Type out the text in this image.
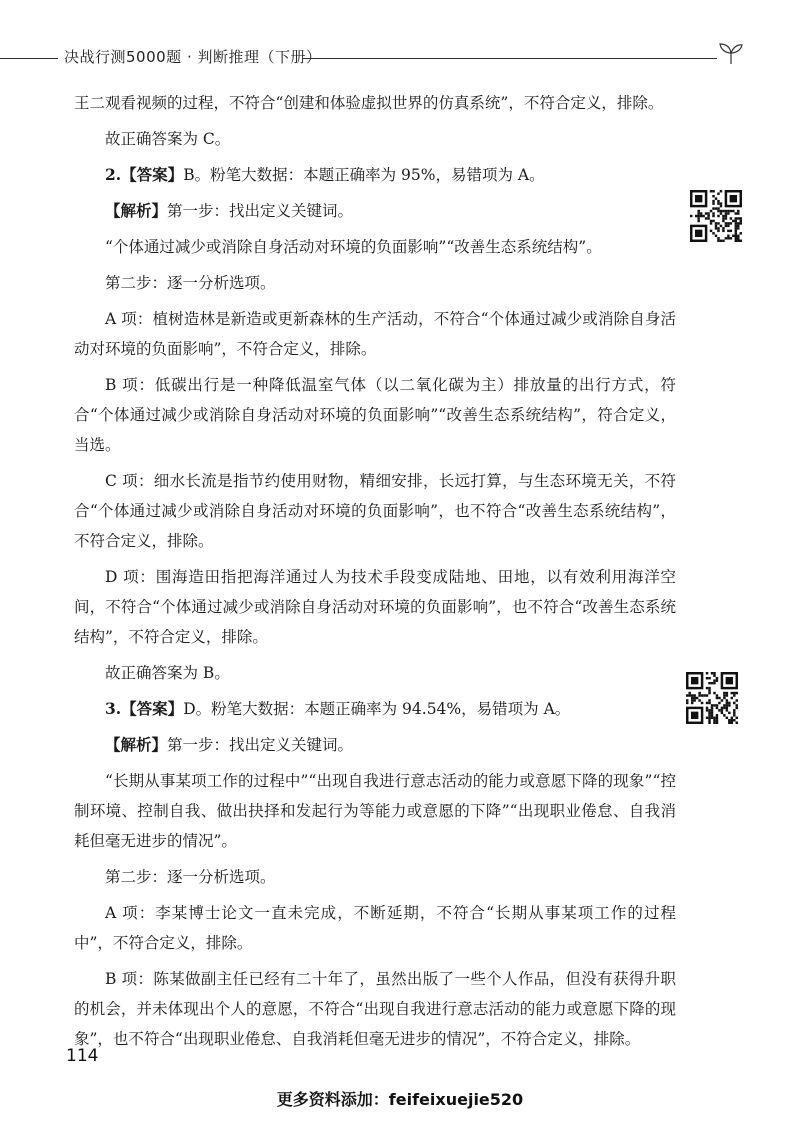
决战行测5000题 · 判断推理（下册）

王二观看视频的过程，不符合“创建和体验虚拟世界的仿真系统”，不符合定义，排除。

故正确答案为 C。

2.【答案】B。粉笔大数据：本题正确率为 95%，易错项为 A。

【解析】第一步：找出定义关键词。

“个体通过减少或消除自身活动对环境的负面影响”“改善生态系统结构”。

第二步：逐一分析选项。

A 项：植树造林是新造或更新森林的生产活动，不符合“个体通过减少或消除自身活动对环境的负面影响”，不符合定义，排除。

B 项：低碳出行是一种降低温室气体（以二氧化碳为主）排放量的出行方式，符合“个体通过减少或消除自身活动对环境的负面影响”“改善生态系统结构”，符合定义，当选。

C 项：细水长流是指节约使用财物，精细安排，长远打算，与生态环境无关，不符合“个体通过减少或消除自身活动对环境的负面影响”，也不符合“改善生态系统结构”，不符合定义，排除。

D 项：围海造田指把海洋通过人为技术手段变成陆地、田地，以有效利用海洋空间，不符合“个体通过减少或消除自身活动对环境的负面影响”，也不符合“改善生态系统结构”，不符合定义，排除。

故正确答案为 B。

3.【答案】D。粉笔大数据：本题正确率为 94.54%，易错项为 A。

【解析】第一步：找出定义关键词。

“长期从事某项工作的过程中”“出现自我进行意志活动的能力或意愿下降的现象”“控制环境、控制自我、做出抉择和发起行为等能力或意愿的下降”“出现职业倦怠、自我消耗但毫无进步的情况”。

第二步：逐一分析选项。

A 项：李某博士论文一直未完成，不断延期，不符合“长期从事某项工作的过程中”，不符合定义，排除。

B 项：陈某做副主任已经有二十年了，虽然出版了一些个人作品，但没有获得升职的机会，并未体现出个人的意愿，不符合“出现自我进行意志活动的能力或意愿下降的现象”，也不符合“出现职业倦怠、自我消耗但毫无进步的情况”，不符合定义，排除。

114
更多资料添加：feifeixuejie520
